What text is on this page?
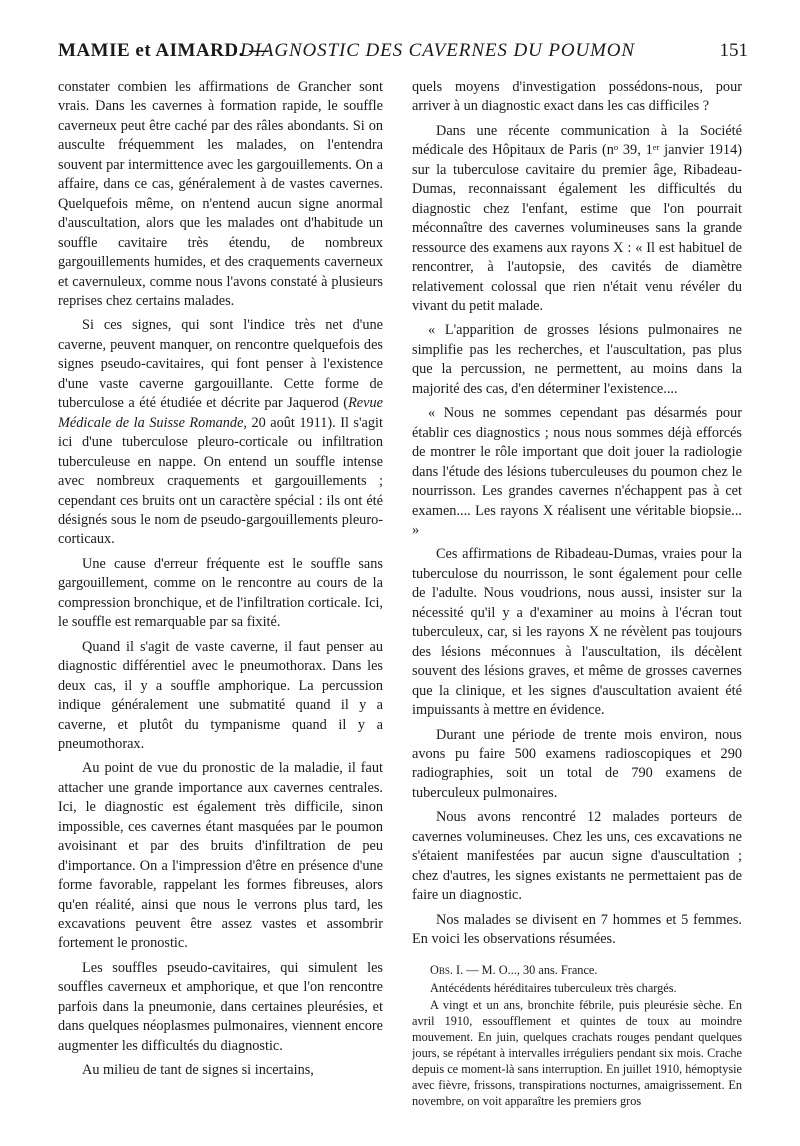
MAMIE et AIMARD. —
DIAGNOSTIC DES CAVERNES DU POUMON	151

constater combien les affirmations de Grancher sont vrais. Dans les cavernes à formation rapide, le souffle caverneux peut être caché par des râles abondants. Si on ausculte fréquemment les malades, on l'entendra souvent par intermittence avec les gargouillements. On a affaire, dans ce cas, généralement à de vastes cavernes. Quelquefois même, on n'entend aucun signe anormal d'auscultation, alors que les malades ont d'habitude un souffle cavitaire très étendu, de nombreux gargouillements humides, et des craquements caverneux et cavernuleux, comme nous l'avons constaté à plusieurs reprises chez certains malades.

Si ces signes, qui sont l'indice très net d'une caverne, peuvent manquer, on rencontre quelquefois des signes pseudo-cavitaires, qui font penser à l'existence d'une vaste caverne gargouillante. Cette forme de tuberculose a été étudiée et décrite par Jaquerod (Revue Médicale de la Suisse Romande, 20 août 1911). Il s'agit ici d'une tuberculose pleuro-corticale ou infiltration tuberculeuse en nappe. On entend un souffle intense avec nombreux craquements et gargouillements ; cependant ces bruits ont un caractère spécial : ils ont été désignés sous le nom de pseudo-gargouillements pleuro-corticaux.

Une cause d'erreur fréquente est le souffle sans gargouillement, comme on le rencontre au cours de la compression bronchique, et de l'infiltration corticale. Ici, le souffle est remarquable par sa fixité.

Quand il s'agit de vaste caverne, il faut penser au diagnostic différentiel avec le pneumothorax. Dans les deux cas, il y a souffle amphorique. La percussion indique généralement une submatité quand il y a caverne, et plutôt du tympanisme quand il y a pneumothorax.

Au point de vue du pronostic de la maladie, il faut attacher une grande importance aux cavernes centrales. Ici, le diagnostic est également très difficile, sinon impossible, ces cavernes étant masquées par le poumon avoisinant et par des bruits d'infiltration de peu d'importance. On a l'impression d'être en présence d'une forme favorable, rappelant les formes fibreuses, alors qu'en réalité, ainsi que nous le verrons plus tard, les excavations peuvent être assez vastes et assombrir fortement le pronostic.

Les souffles pseudo-cavitaires, qui simulent les souffles caverneux et amphorique, et que l'on rencontre parfois dans la pneumonie, dans certaines pleurésies, et dans quelques néoplasmes pulmonaires, viennent encore augmenter les difficultés du diagnostic.

Au milieu de tant de signes si incertains,

quels moyens d'investigation possédons-nous, pour arriver à un diagnostic exact dans les cas difficiles ?

Dans une récente communication à la Société médicale des Hôpitaux de Paris ($n^o$ 39, 1er janvier 1914) sur la tuberculose cavitaire du premier âge, Ribadeau-Dumas, reconnaissant également les difficultés du diagnostic chez l'enfant, estime que l'on pourrait méconnaître des cavernes volumineuses sans la grande ressource des examens aux rayons X : « Il est habituel de rencontrer, à l'autopsie, des cavités de diamètre relativement colossal que rien n'était venu révéler du vivant du petit malade.

« L'apparition de grosses lésions pulmonaires ne simplifie pas les recherches, et l'auscultation, pas plus que la percussion, ne permettent, au moins dans la majorité des cas, d'en déterminer l'existence....

« Nous ne sommes cependant pas désarmés pour établir ces diagnostics ; nous nous sommes déjà efforcés de montrer le rôle important que doit jouer la radiologie dans l'étude des lésions tuberculeuses du poumon chez le nourrisson. Les grandes cavernes n'échappent pas à cet examen.... Les rayons X réalisent une véritable biopsie... »

Ces affirmations de Ribadeau-Dumas, vraies pour la tuberculose du nourrisson, le sont également pour celle de l'adulte. Nous voudrions, nous aussi, insister sur la nécessité qu'il y a d'examiner au moins à l'écran tout tuberculeux, car, si les rayons X ne révèlent pas toujours des lésions méconnues à l'auscultation, ils décèlent souvent des lésions graves, et même de grosses cavernes que la clinique, et les signes d'auscultation avaient été impuissants à mettre en évidence.

Durant une période de trente mois environ, nous avons pu faire 500 examens radioscopiques et 290 radiographies, soit un total de 790 examens de tuberculeux pulmonaires.

Nous avons rencontré 12 malades porteurs de cavernes volumineuses. Chez les uns, ces excavations ne s'étaient manifestées par aucun signe d'auscultation ; chez d'autres, les signes existants ne permettaient pas de faire un diagnostic.

Nos malades se divisent en 7 hommes et 5 femmes. En voici les observations résumées.

Obs. I. — M. O..., 30 ans. France.

Antécédents héréditaires tuberculeux très chargés.

A vingt et un ans, bronchite fébrile, puis pleurésie sèche. En avril 1910, essoufflement et quintes de toux au moindre mouvement. En juin, quelques crachats rouges pendant quelques jours, se répétant à intervalles irréguliers pendant six mois. Crache depuis ce moment-là sans interruption. En juillet 1910, hémoptysie avec fièvre, frissons, transpirations nocturnes, amaigrissement. En novembre, on voit apparaître les premiers gros
